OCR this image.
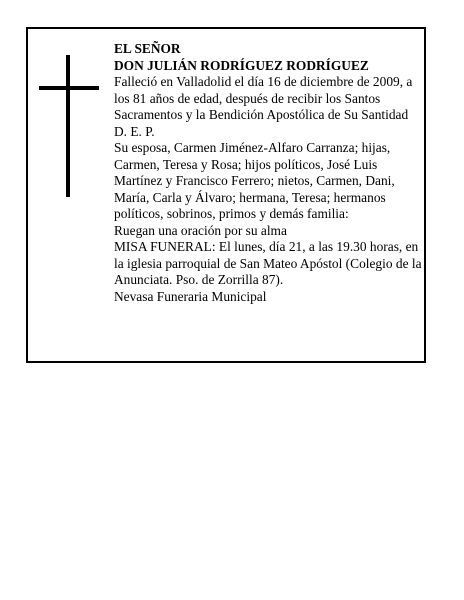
EL SEÑOR

DON JULIÁN RODRÍGUEZ RODRÍGUEZ

Falleció en Valladolid el día 16 de diciembre de 2009, a los 81 años de edad, después de recibir los Santos Sacramentos y la Bendición Apostólica de Su Santidad

D. E. P.

Su esposa, Carmen Jiménez-Alfaro Carranza; hijas, Carmen, Teresa y Rosa; hijos políticos, José Luis Martínez y Francisco Ferrero; nietos, Carmen, Dani, María, Carla y Álvaro; hermana, Teresa; hermanos políticos, sobrinos, primos y demás familia:

Ruegan una oración por su alma

MISA FUNERAL: El lunes, día 21, a las 19.30 horas, en la iglesia parroquial de San Mateo Apóstol (Colegio de la Anunciata. Pso. de Zorrilla 87).

Nevasa Funeraria Municipal
